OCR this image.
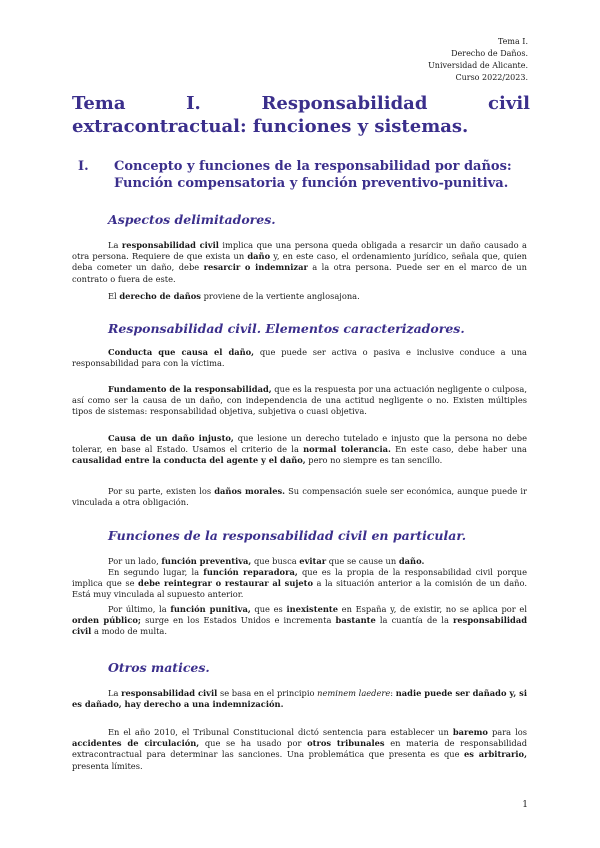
Tema I.
Derecho de Daños.
Universidad de Alicante.
Curso 2022/2023.
Tema I. Responsabilidad civil extracontractual: funciones y sistemas.
I.	Concepto y funciones de la responsabilidad por daños: Función compensatoria y función preventivo-punitiva.
Aspectos delimitadores.

La responsabilidad civil implica que una persona queda obligada a resarcir un daño causado a otra persona. Requiere de que exista un daño y, en este caso, el ordenamiento jurídico, señala que, quien deba cometer un daño, debe resarcir o indemnizar a la otra persona. Puede ser en el marco de un contrato o fuera de este.

El derecho de daños proviene de la vertiente anglosajona.

Responsabilidad civil. Elementos caracterizadores.

Conducta que causa el daño, que puede ser activa o pasiva e inclusive conduce a una responsabilidad para con la víctima.

Fundamento de la responsabilidad, que es la respuesta por una actuación negligente o culposa, así como ser la causa de un daño, con independencia de una actitud negligente o no. Existen múltiples tipos de sistemas: responsabilidad objetiva, subjetiva o cuasi objetiva.

Causa de un daño injusto, que lesione un derecho tutelado e injusto que la persona no debe tolerar, en base al Estado. Usamos el criterio de la normal tolerancia. En este caso, debe haber una causalidad entre la conducta del agente y el daño, pero no siempre es tan sencillo.

Por su parte, existen los daños morales. Su compensación suele ser económica, aunque puede ir vinculada a otra obligación.

Funciones de la responsabilidad civil en particular.

Por un lado, función preventiva, que busca evitar que se cause un daño.

En segundo lugar, la función reparadora, que es la propia de la responsabilidad civil porque implica que se debe reintegrar o restaurar al sujeto a la situación anterior a la comisión de un daño. Está muy vinculada al supuesto anterior.

Por último, la función punitiva, que es inexistente en España y, de existir, no se aplica por el orden público; surge en los Estados Unidos e incrementa bastante la cuantía de la responsabilidad civil a modo de multa.

Otros matices.

La responsabilidad civil se basa en el principio neminem laedere: nadie puede ser dañado y, si es dañado, hay derecho a una indemnización.

En el año 2010, el Tribunal Constitucional dictó sentencia para establecer un baremo para los accidentes de circulación, que se ha usado por otros tribunales en materia de responsabilidad extracontractual para determinar las sanciones. Una problemática que presenta es que es arbitrario, presenta límites.

1
